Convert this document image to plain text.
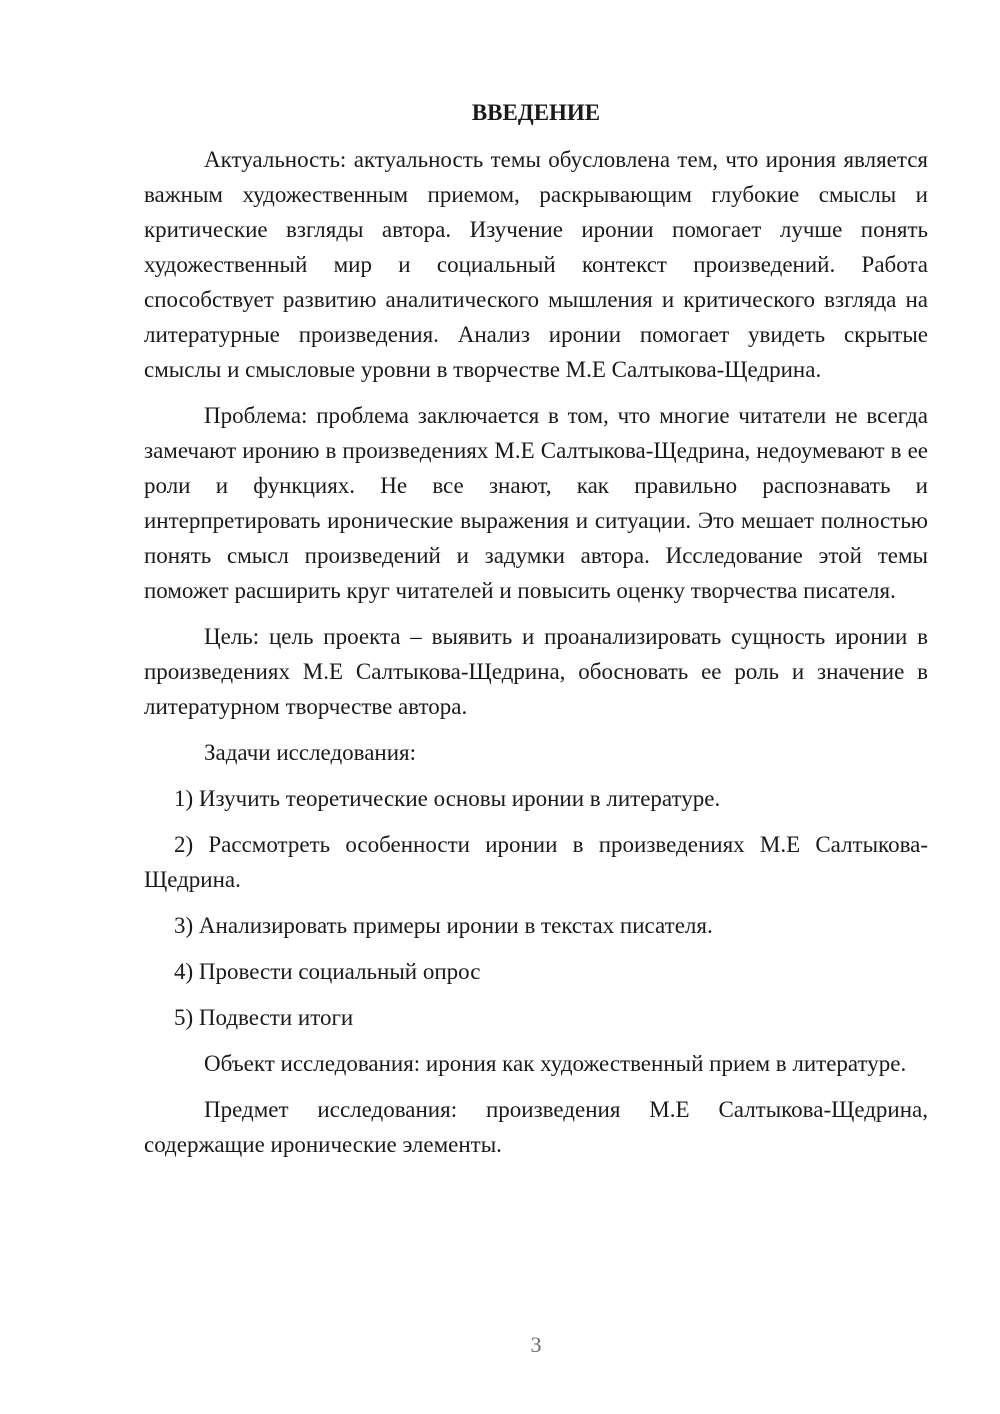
ВВЕДЕНИЕ

Актуальность: актуальность темы обусловлена тем, что ирония является важным художественным приемом, раскрывающим глубокие смыслы и критические взгляды автора. Изучение иронии помогает лучше понять художественный мир и социальный контекст произведений. Работа способствует развитию аналитического мышления и критического взгляда на литературные произведения. Анализ иронии помогает увидеть скрытые смыслы и смысловые уровни в творчестве М.Е Салтыкова-Щедрина.

Проблема: проблема заключается в том, что многие читатели не всегда замечают иронию в произведениях М.Е Салтыкова-Щедрина, недоумевают в ее роли и функциях. Не все знают, как правильно распознавать и интерпретировать иронические выражения и ситуации. Это мешает полностью понять смысл произведений и задумки автора. Исследование этой темы поможет расширить круг читателей и повысить оценку творчества писателя.

Цель: цель проекта – выявить и проанализировать сущность иронии в произведениях М.Е Салтыкова-Щедрина, обосновать ее роль и значение в литературном творчестве автора.

Задачи исследования:

1) Изучить теоретические основы иронии в литературе.

2) Рассмотреть особенности иронии в произведениях М.Е Салтыкова-Щедрина.

3) Анализировать примеры иронии в текстах писателя.

4) Провести социальный опрос

5) Подвести итоги

Объект исследования: ирония как художественный прием в литературе.

Предмет исследования: произведения М.Е Салтыкова-Щедрина, содержащие иронические элементы.

3
